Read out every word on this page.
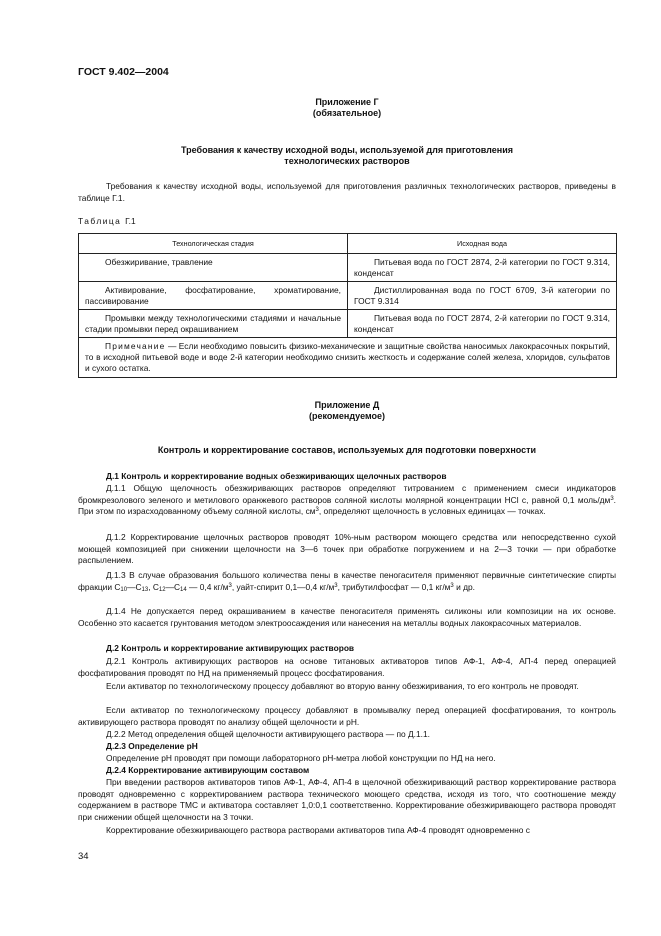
ГОСТ 9.402—2004
Приложение Г
(обязательное)
Требования к качеству исходной воды, используемой для приготовления
технологических растворов
Требования к качеству исходной воды, используемой для приготовления различных технологических растворов, приведены в таблице Г.1.
Таблица Г.1
Технологическая стадия	Исходная вода

Обезжиривание, травление	Питьевая вода по ГОСТ 2874, 2-й категории по ГОСТ 9.314, конденсат

Активирование, фосфатирование, хроматирование, пассивирование	Дистиллированная вода по ГОСТ 6709, 3-й категории по ГОСТ 9.314

Промывки между технологическими стадиями и начальные стадии промывки перед окрашиванием	Питьевая вода по ГОСТ 2874, 2-й категории по ГОСТ 9.314, конденсат

Примечание — Если необходимо повысить физико-механические и защитные свойства наносимых лакокрасочных покрытий, то в исходной питьевой воде и воде 2-й категории необходимо снизить жесткость и содержание солей железа, хлоридов, сульфатов и сухого остатка.	
Приложение Д
(рекомендуемое)
Контроль и корректирование составов, используемых для подготовки поверхности
Д.1 Контроль и корректирование водных обезжиривающих щелочных растворов
Д.1.1 Общую щелочность обезжиривающих растворов определяют титрованием с применением смеси индикаторов бромкрезолового зеленого и метилового оранжевого растворов соляной кислоты молярной концентрации HCl с, равной 0,1 моль/$дм^3$. При этом по израсходованному объему соляной кислоты, $см^3$, определяют щелочность в условных единицах — точках.
Д.1.2 Корректирование щелочных растворов проводят 10%-ным раствором моющего средства или непосредственно сухой моющей композицией при снижении щелочности на 3—6 точек при обработке погружением и на 2—3 точки — при обработке распылением.
Д.1.3 В случае образования большого количества пены в качестве пеногасителя применяют первичные синтетические спирты фракции С10—С13, С12—С14 — 0,4 $кг/м^3$, уайт-спирит 0,1—0,4 $кг/м^3$, трибутилфосфат — 0,1 $кг/м^3$ и др.
Д.1.4 Не допускается перед окрашиванием в качестве пеногасителя применять силиконы или композиции на их основе. Особенно это касается грунтования методом электроосаждения или нанесения на металлы водных лакокрасочных материалов.
Д.2 Контроль и корректирование активирующих растворов
Д.2.1 Контроль активирующих растворов на основе титановых активаторов типов АФ-1, АФ-4, АП-4 перед операцией фосфатирования проводят по НД на применяемый процесс фосфатирования.
Если активатор по технологическому процессу добавляют во вторую ванну обезжиривания, то его контроль не проводят.
Если активатор по технологическому процессу добавляют в промывалку перед операцией фосфатирования, то контроль активирующего раствора проводят по анализу общей щелочности и рН.
Д.2.2 Метод определения общей щелочности активирующего раствора — по Д.1.1.
Д.2.3 Определение рН
Определение рН проводят при помощи лабораторного рН-метра любой конструкции по НД на него.
Д.2.4 Корректирование активирующим составом
При введении растворов активаторов типов АФ-1, АФ-4, АП-4 в щелочной обезжиривающий раствор корректирование раствора проводят одновременно с корректированием раствора технического моющего средства, исходя из того, что соотношение между содержанием в растворе ТМС и активатора составляет 1,0:0,1 соответственно. Корректирование обезжиривающего раствора проводят при снижении общей щелочности на 3 точки.
Корректирование обезжиривающего раствора растворами активаторов типа АФ-4 проводят одновременно с
34
